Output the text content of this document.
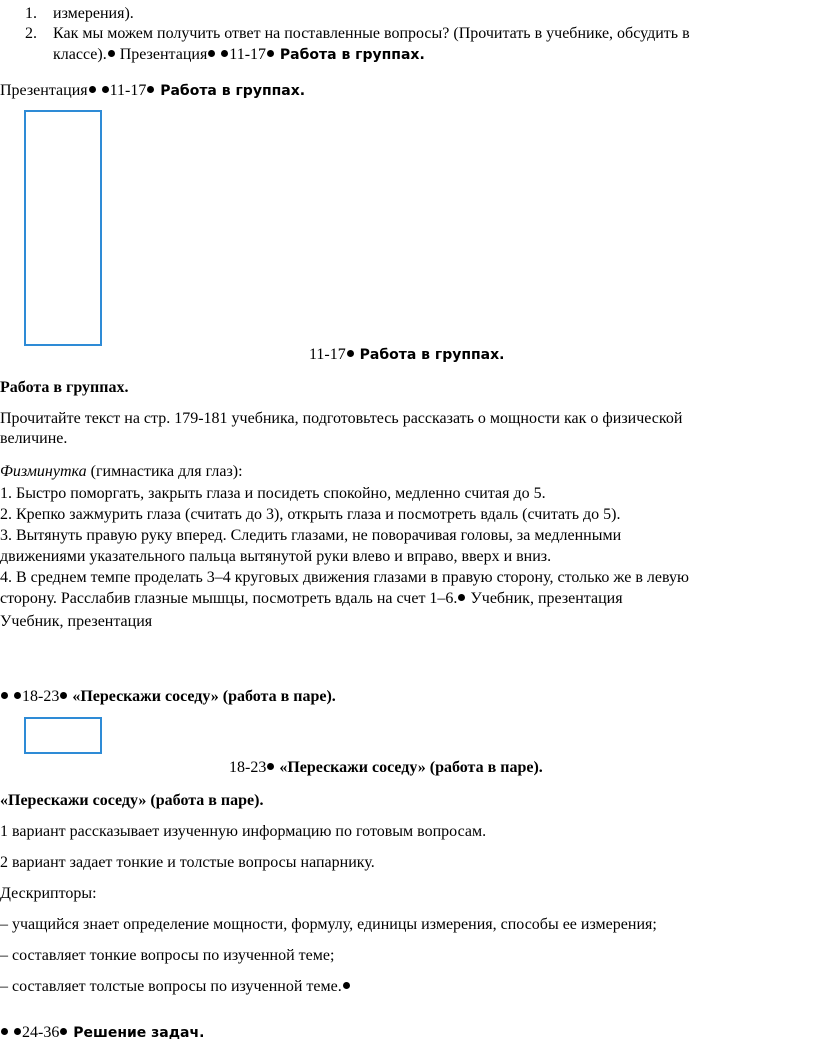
1. измерения).
2. Как мы можем получить ответ на поставленные вопросы? (Прочитать в учебнике, обсудить в
классе). Презентация 11-17 Работа в группах.
Презентация 11-17 Работа в группах.
11-17 Работа в группах.
Работа в группах.
Прочитайте текст на стр. 179-181 учебника, подготовьтесь рассказать о мощности как о физической
величине.
Физминутка (гимнастика для глаз):
1. Быстро поморгать, закрыть глаза и посидеть спокойно, медленно считая до 5.
2. Крепко зажмурить глаза (считать до 3), открыть глаза и посмотреть вдаль (считать до 5).
3. Вытянуть правую руку вперед. Следить глазами, не поворачивая головы, за медленными
движениями указательного пальца вытянутой руки влево и вправо, вверх и вниз.
4. В среднем темпе проделать 3–4 круговых движения глазами в правую сторону, столько же в левую
сторону. Расслабив глазные мышцы, посмотреть вдаль на счет 1–6. Учебник, презентация
Учебник, презентация
18-23 «Перескажи соседу» (работа в паре).
18-23 «Перескажи соседу» (работа в паре).
«Перескажи соседу» (работа в паре).
1 вариант рассказывает изученную информацию по готовым вопросам.
2 вариант задает тонкие и толстые вопросы напарнику.
Дескрипторы:
– учащийся знает определение мощности, формулу, единицы измерения, способы ее измерения;
– составляет тонкие вопросы по изученной теме;
– составляет толстые вопросы по изученной теме.
24-36 Решение задач.
